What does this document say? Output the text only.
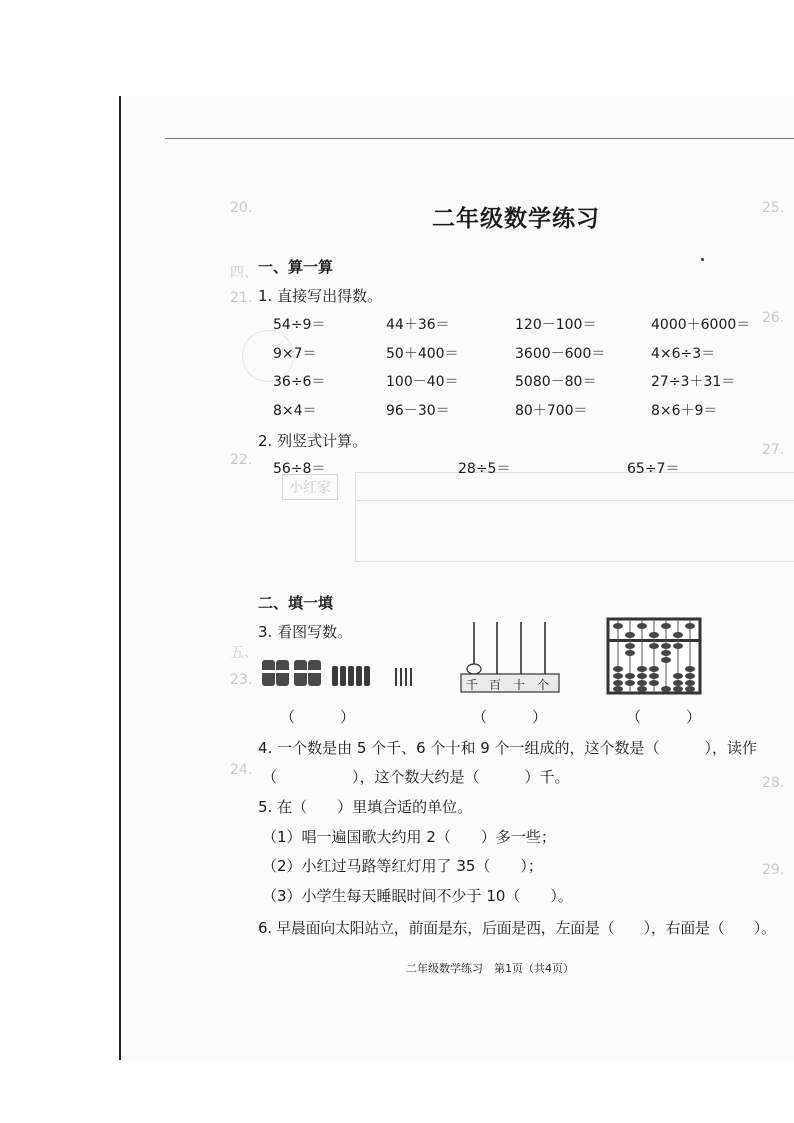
20.	25.
四、
21.
26.
22.
27.
五、
23.
28.
24.
29.
小红家
二年级数学练习
一、算一算
1. 直接写出得数。
54÷9＝	44＋36＝	120－100＝	4000＋6000＝
9×7＝	50＋400＝	3600－600＝	4×6÷3＝
36÷6＝	100－40＝	5080－80＝	27÷3＋31＝
8×4＝	96－30＝	80＋700＝	8×6＋9＝
2. 列竖式计算。
56÷8＝	28÷5＝	65÷7＝
二、填一填
3. 看图写数。
千 百 十 个
（　　　）	（　　　）	（　　　）
4. 一个数是由 5 个千、6 个十和 9 个一组成的，这个数是（　　　），读作
（　　　　　），这个数大约是（　　　）千。
5. 在（　　）里填合适的单位。
（1）唱一遍国歌大约用 2（　　）多一些；
（2）小红过马路等红灯用了 35（　　）；
（3）小学生每天睡眠时间不少于 10（　　）。
6. 早晨面向太阳站立，前面是东，后面是西，左面是（　　），右面是（　　）。
二年级数学练习　第1页（共4页）
